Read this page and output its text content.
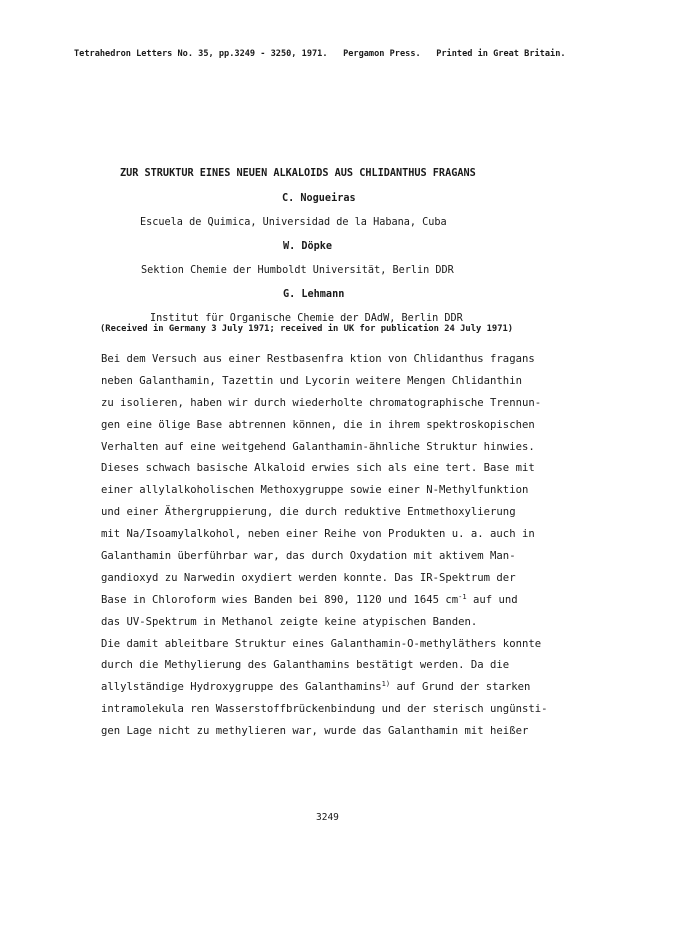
Tetrahedron Letters No. 35, pp.3249 - 3250, 1971. Pergamon Press. Printed in Great Britain.
ZUR STRUKTUR EINES NEUEN ALKALOIDS AUS CHLIDANTHUS FRAGANS
C. Nogueiras
Escuela de Quimica, Universidad de la Habana, Cuba
W. Döpke
Sektion Chemie der Humboldt Universität, Berlin DDR
G. Lehmann
Institut für Organische Chemie der DAdW, Berlin DDR
(Received in Germany 3 July 1971; received in UK for publication 24 July 1971)
Bei dem Versuch aus einer Restbasenfra ktion von Chlidanthus fragans
neben Galanthamin, Tazettin und Lycorin weitere Mengen Chlidanthin
zu isolieren, haben wir durch wiederholte chromatographische Trennun-
gen eine ölige Base abtrennen können, die in ihrem spektroskopischen
Verhalten auf eine weitgehend Galanthamin-ähnliche Struktur hinwies.
Dieses schwach basische Alkaloid erwies sich als eine tert. Base mit
einer allylalkoholischen Methoxygruppe sowie einer N-Methylfunktion
und einer Äthergruppierung, die durch reduktive Entmethoxylierung
mit Na/Isoamylalkohol, neben einer Reihe von Produkten u. a. auch in
Galanthamin überführbar war, das durch Oxydation mit aktivem Man-
gandioxyd zu Narwedin oxydiert werden konnte. Das IR-Spektrum der
Base in Chloroform wies Banden bei 890, 1120 und 1645 $cm^{-1}$ auf und
das UV-Spektrum in Methanol zeigte keine atypischen Banden.
Die damit ableitbare Struktur eines Galanthamin-O-methyläthers konnte
durch die Methylierung des Galanthamins bestätigt werden. Da die
allylständige Hydroxygruppe des Galanthamins$^{1)}$ auf Grund der starken
intramolekula ren Wasserstoffbrückenbindung und der sterisch ungünsti-
gen Lage nicht zu methylieren war, wurde das Galanthamin mit heißer
3249
